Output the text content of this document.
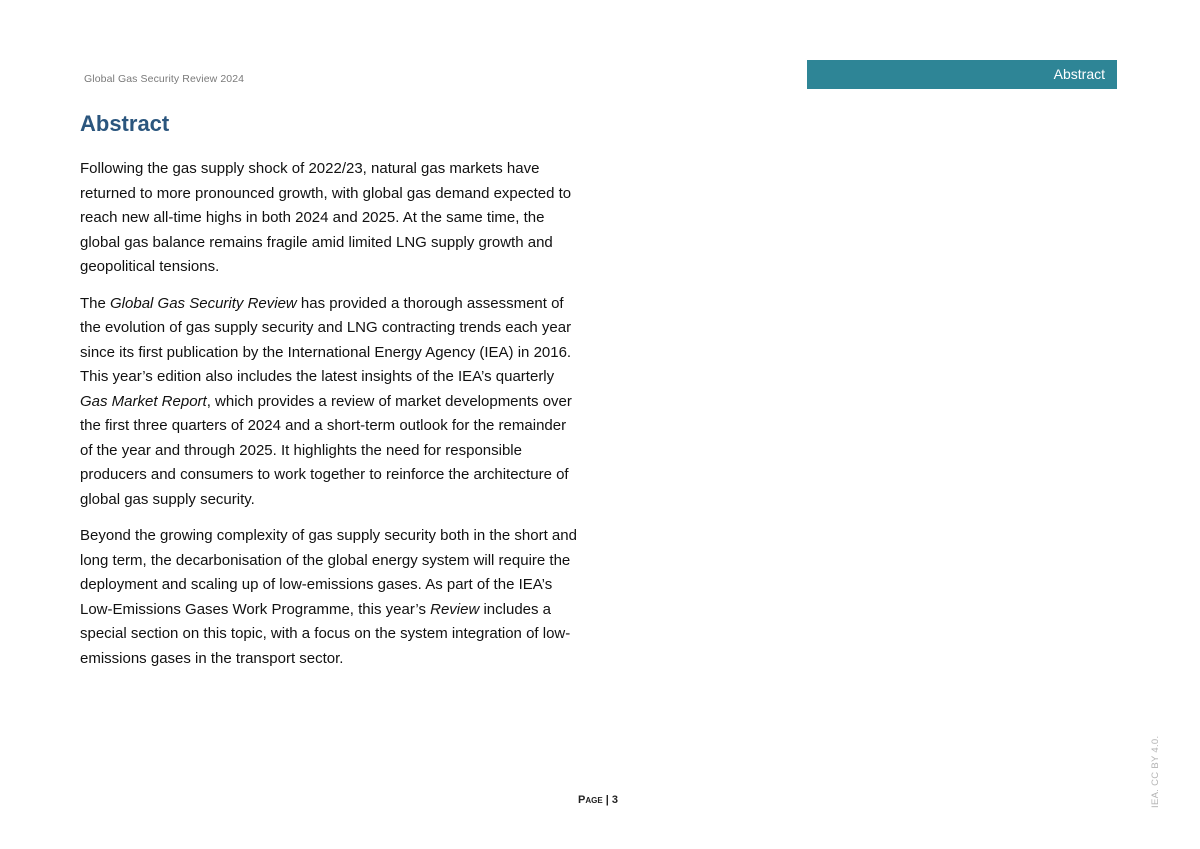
Global Gas Security Review 2024	Abstract
Abstract

Following the gas supply shock of 2022/23, natural gas markets have returned to more pronounced growth, with global gas demand expected to reach new all-time highs in both 2024 and 2025. At the same time, the global gas balance remains fragile amid limited LNG supply growth and geopolitical tensions.

The Global Gas Security Review has provided a thorough assessment of the evolution of gas supply security and LNG contracting trends each year since its first publication by the International Energy Agency (IEA) in 2016. This year’s edition also includes the latest insights of the IEA’s quarterly Gas Market Report, which provides a review of market developments over the first three quarters of 2024 and a short-term outlook for the remainder of the year and through 2025. It highlights the need for responsible producers and consumers to work together to reinforce the architecture of global gas supply security.

Beyond the growing complexity of gas supply security both in the short and long term, the decarbonisation of the global energy system will require the deployment and scaling up of low-emissions gases. As part of the IEA’s Low-Emissions Gases Work Programme, this year’s Review includes a special section on this topic, with a focus on the system integration of low-emissions gases in the transport sector.

Page | 3	IEA. CC BY 4.0.
